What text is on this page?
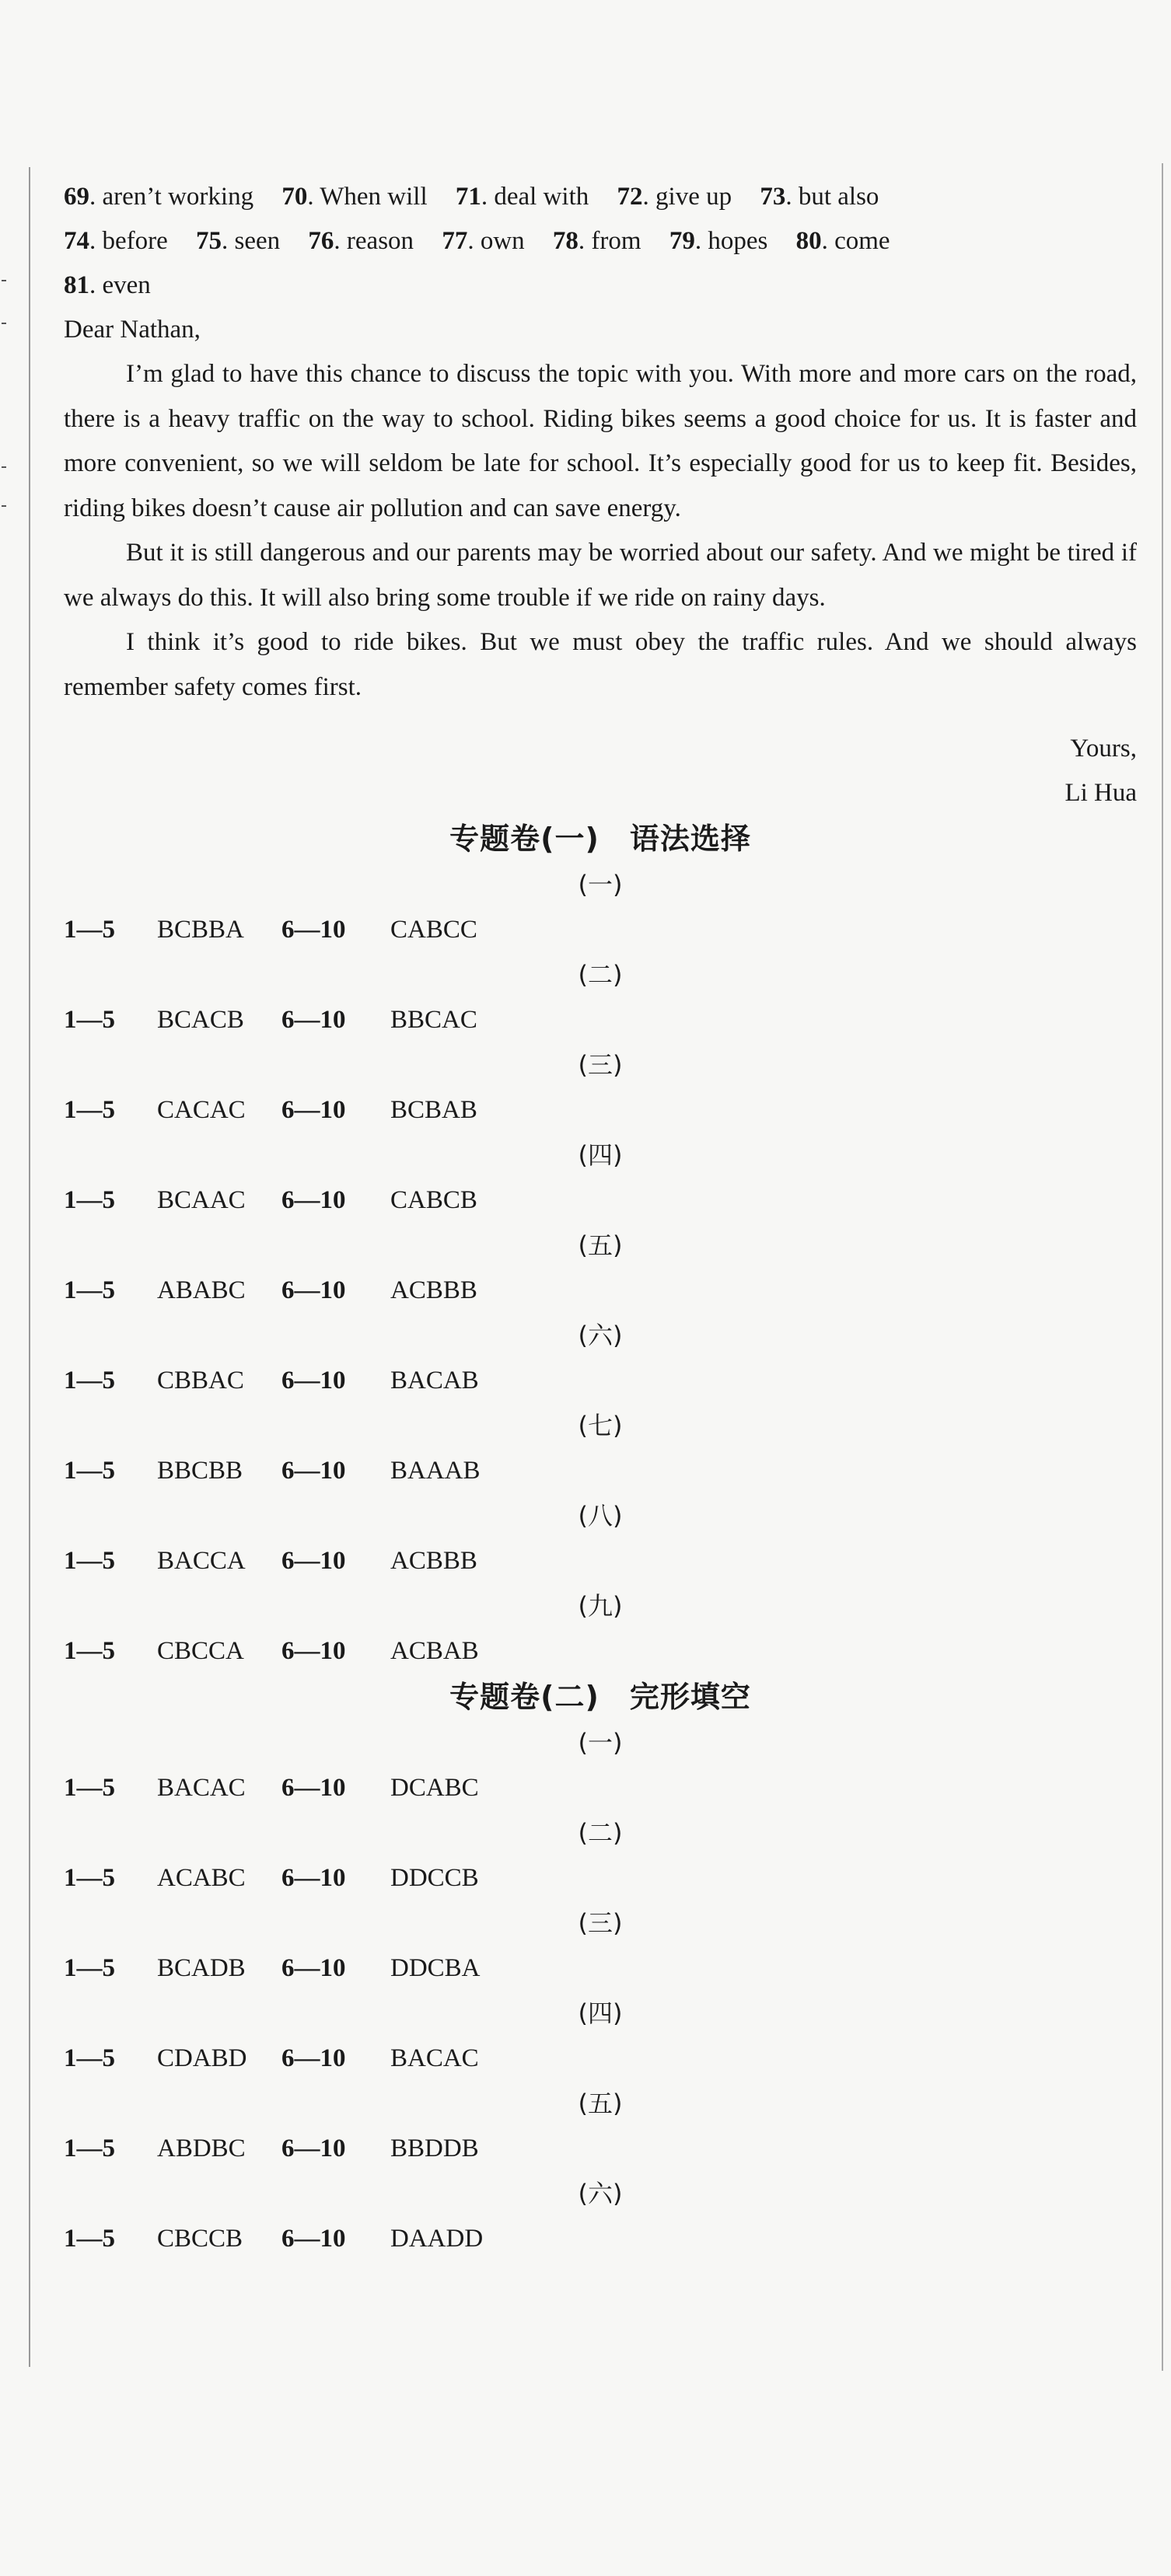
69. aren’t working 70. When will 71. deal with 72. give up 73. but also
74. before 75. seen 76. reason 77. own 78. from 79. hopes 80. come
81. even
Dear Nathan,

I’m glad to have this chance to discuss the topic with you. With more and more cars on the road, there is a heavy traffic on the way to school. Riding bikes seems a good choice for us. It is faster and more convenient, so we will seldom be late for school. It’s especially good for us to keep fit. Besides, riding bikes doesn’t cause air pollution and can save energy.

But it is still dangerous and our parents may be worried about our safety. And we might be tired if we always do this. It will also bring some trouble if we ride on rainy days.

I think it’s good to ride bikes. But we must obey the traffic rules. And we should always remember safety comes first.

Yours,
Li Hua
专题卷(一)　语法选择
(一)
1—5 BCBBA 6—10 CABCC
(二)
1—5 BCACB 6—10 BBCAC
(三)
1—5 CACAC 6—10 BCBAB
(四)
1—5 BCAAC 6—10 CABCB
(五)
1—5 ABABC 6—10 ACBBB
(六)
1—5 CBBAC 6—10 BACAB
(七)
1—5 BBCBB 6—10 BAAAB
(八)
1—5 BACCA 6—10 ACBBB
(九)
1—5 CBCCA 6—10 ACBAB
专题卷(二)　完形填空
(一)
1—5 BACAC 6—10 DCABC
(二)
1—5 ACABC 6—10 DDCCB
(三)
1—5 BCADB 6—10 DDCBA
(四)
1—5 CDABD 6—10 BACAC
(五)
1—5 ABDBC 6—10 BBDDB
(六)
1—5 CBCCB 6—10 DAADD
